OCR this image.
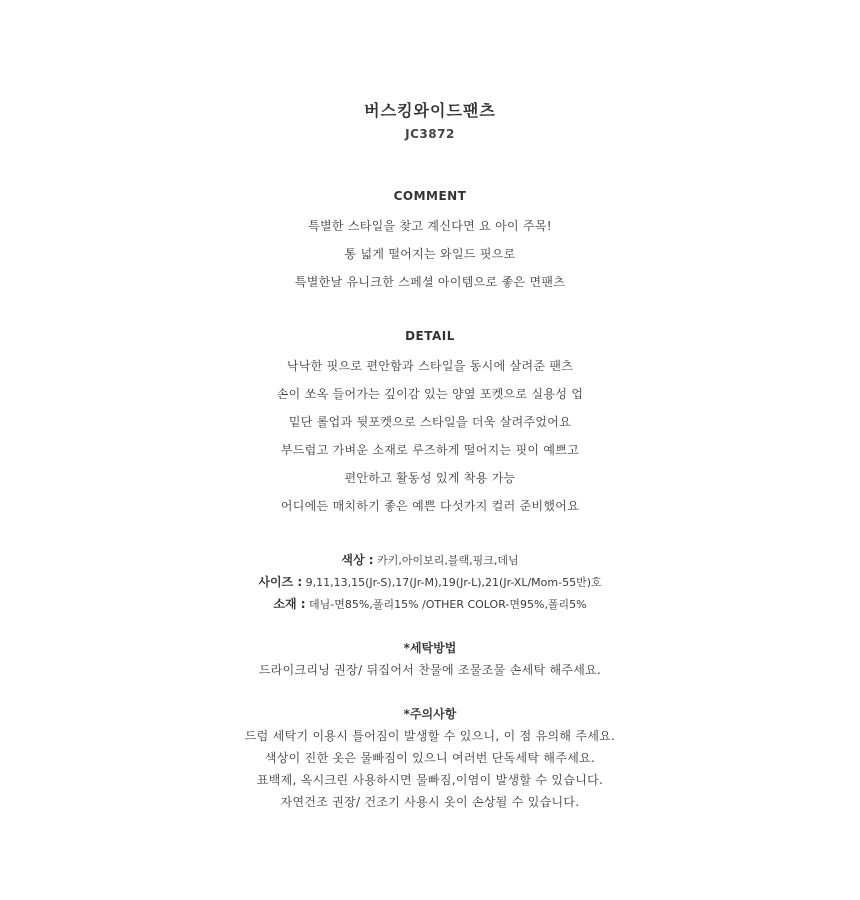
버스킹와이드팬츠
JC3872
COMMENT
특별한 스타일을 찾고 계신다면 요 아이 주목!
통 넓게 떨어지는 와일드 핏으로
특별한날 유니크한 스페셜 아이템으로 좋은 면팬츠
DETAIL
낙낙한 핏으로 편안함과 스타일을 동시에 살려준 팬츠
손이 쏘옥 들어가는 깊이감 있는 양옆 포켓으로 실용성 업
밑단 롤업과 뒷포켓으로 스타일을 더욱 살려주었어요
부드럽고 가벼운 소재로 루즈하게 떨어지는 핏이 예쁘고
편안하고 활동성 있게 착용 가능
어디에든 매치하기 좋은 예쁜 다섯가지 컬러 준비했어요
색상 : 카키,아이보리,블랙,핑크,데님
사이즈 : 9,11,13,15(Jr-S),17(Jr-M),19(Jr-L),21(Jr-XL/Mom-55반)호
소재 : 데님-면85%,폴리15% /OTHER COLOR-면95%,폴리5%
*세탁방법
드라이크리닝 권장/ 뒤집어서 찬물에 조물조물 손세탁 해주세요.
*주의사항
드럼 세탁기 이용시 틀어짐이 발생할 수 있으니, 이 점 유의해 주세요.
색상이 진한 옷은 물빠짐이 있으니 여러번 단독세탁 해주세요.
표백제, 옥시크린 사용하시면 물빠짐,이염이 발생할 수 있습니다.
자연건조 권장/ 건조기 사용시 옷이 손상될 수 있습니다.
